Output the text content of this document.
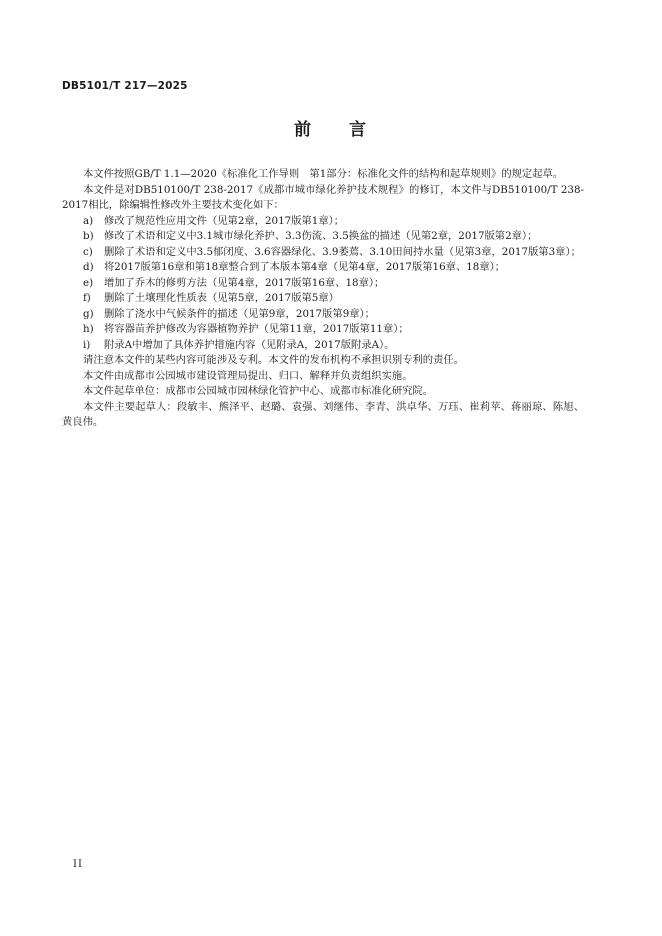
DB5101/T 217—2025
前 言

本文件按照GB/T 1.1—2020《标准化工作导则　第1部分：标准化文件的结构和起草规则》的规定起草。

本文件是对DB510100/T 238-2017《成都市城市绿化养护技术规程》的修订，本文件与DB510100/T 238-2017相比，除编辑性修改外主要技术变化如下：

a) 修改了规范性应用文件（见第2章，2017版第1章）；

b) 修改了术语和定义中3.1城市绿化养护、3.3伤流、3.5换盆的描述（见第2章，2017版第2章）；

c) 删除了术语和定义中3.5郁闭度、3.6容器绿化、3.9萎蔫、3.10田间持水量（见第3章，2017版第3章）；

d) 将2017版第16章和第18章整合到了本版本第4章（见第4章，2017版第16章、18章）；

e) 增加了乔木的修剪方法（见第4章，2017版第16章、18章）；

f) 删除了土壤理化性质表（见第5章，2017版第5章）

g) 删除了浇水中气候条件的描述（见第9章，2017版第9章）；

h) 将容器苗养护修改为容器植物养护（见第11章，2017版第11章）；

i) 附录A中增加了具体养护措施内容（见附录A，2017版附录A）。

请注意本文件的某些内容可能涉及专利。本文件的发布机构不承担识别专利的责任。

本文件由成都市公园城市建设管理局提出、归口、解释并负责组织实施。

本文件起草单位：成都市公园城市园林绿化管护中心、成都市标准化研究院。

本文件主要起草人：段敏丰、熊泽平、赵璐、袁强、刘继伟、李青、洪卓华、万珏、崔莉苹、蒋丽琼、陈旭、黄良伟。

II
